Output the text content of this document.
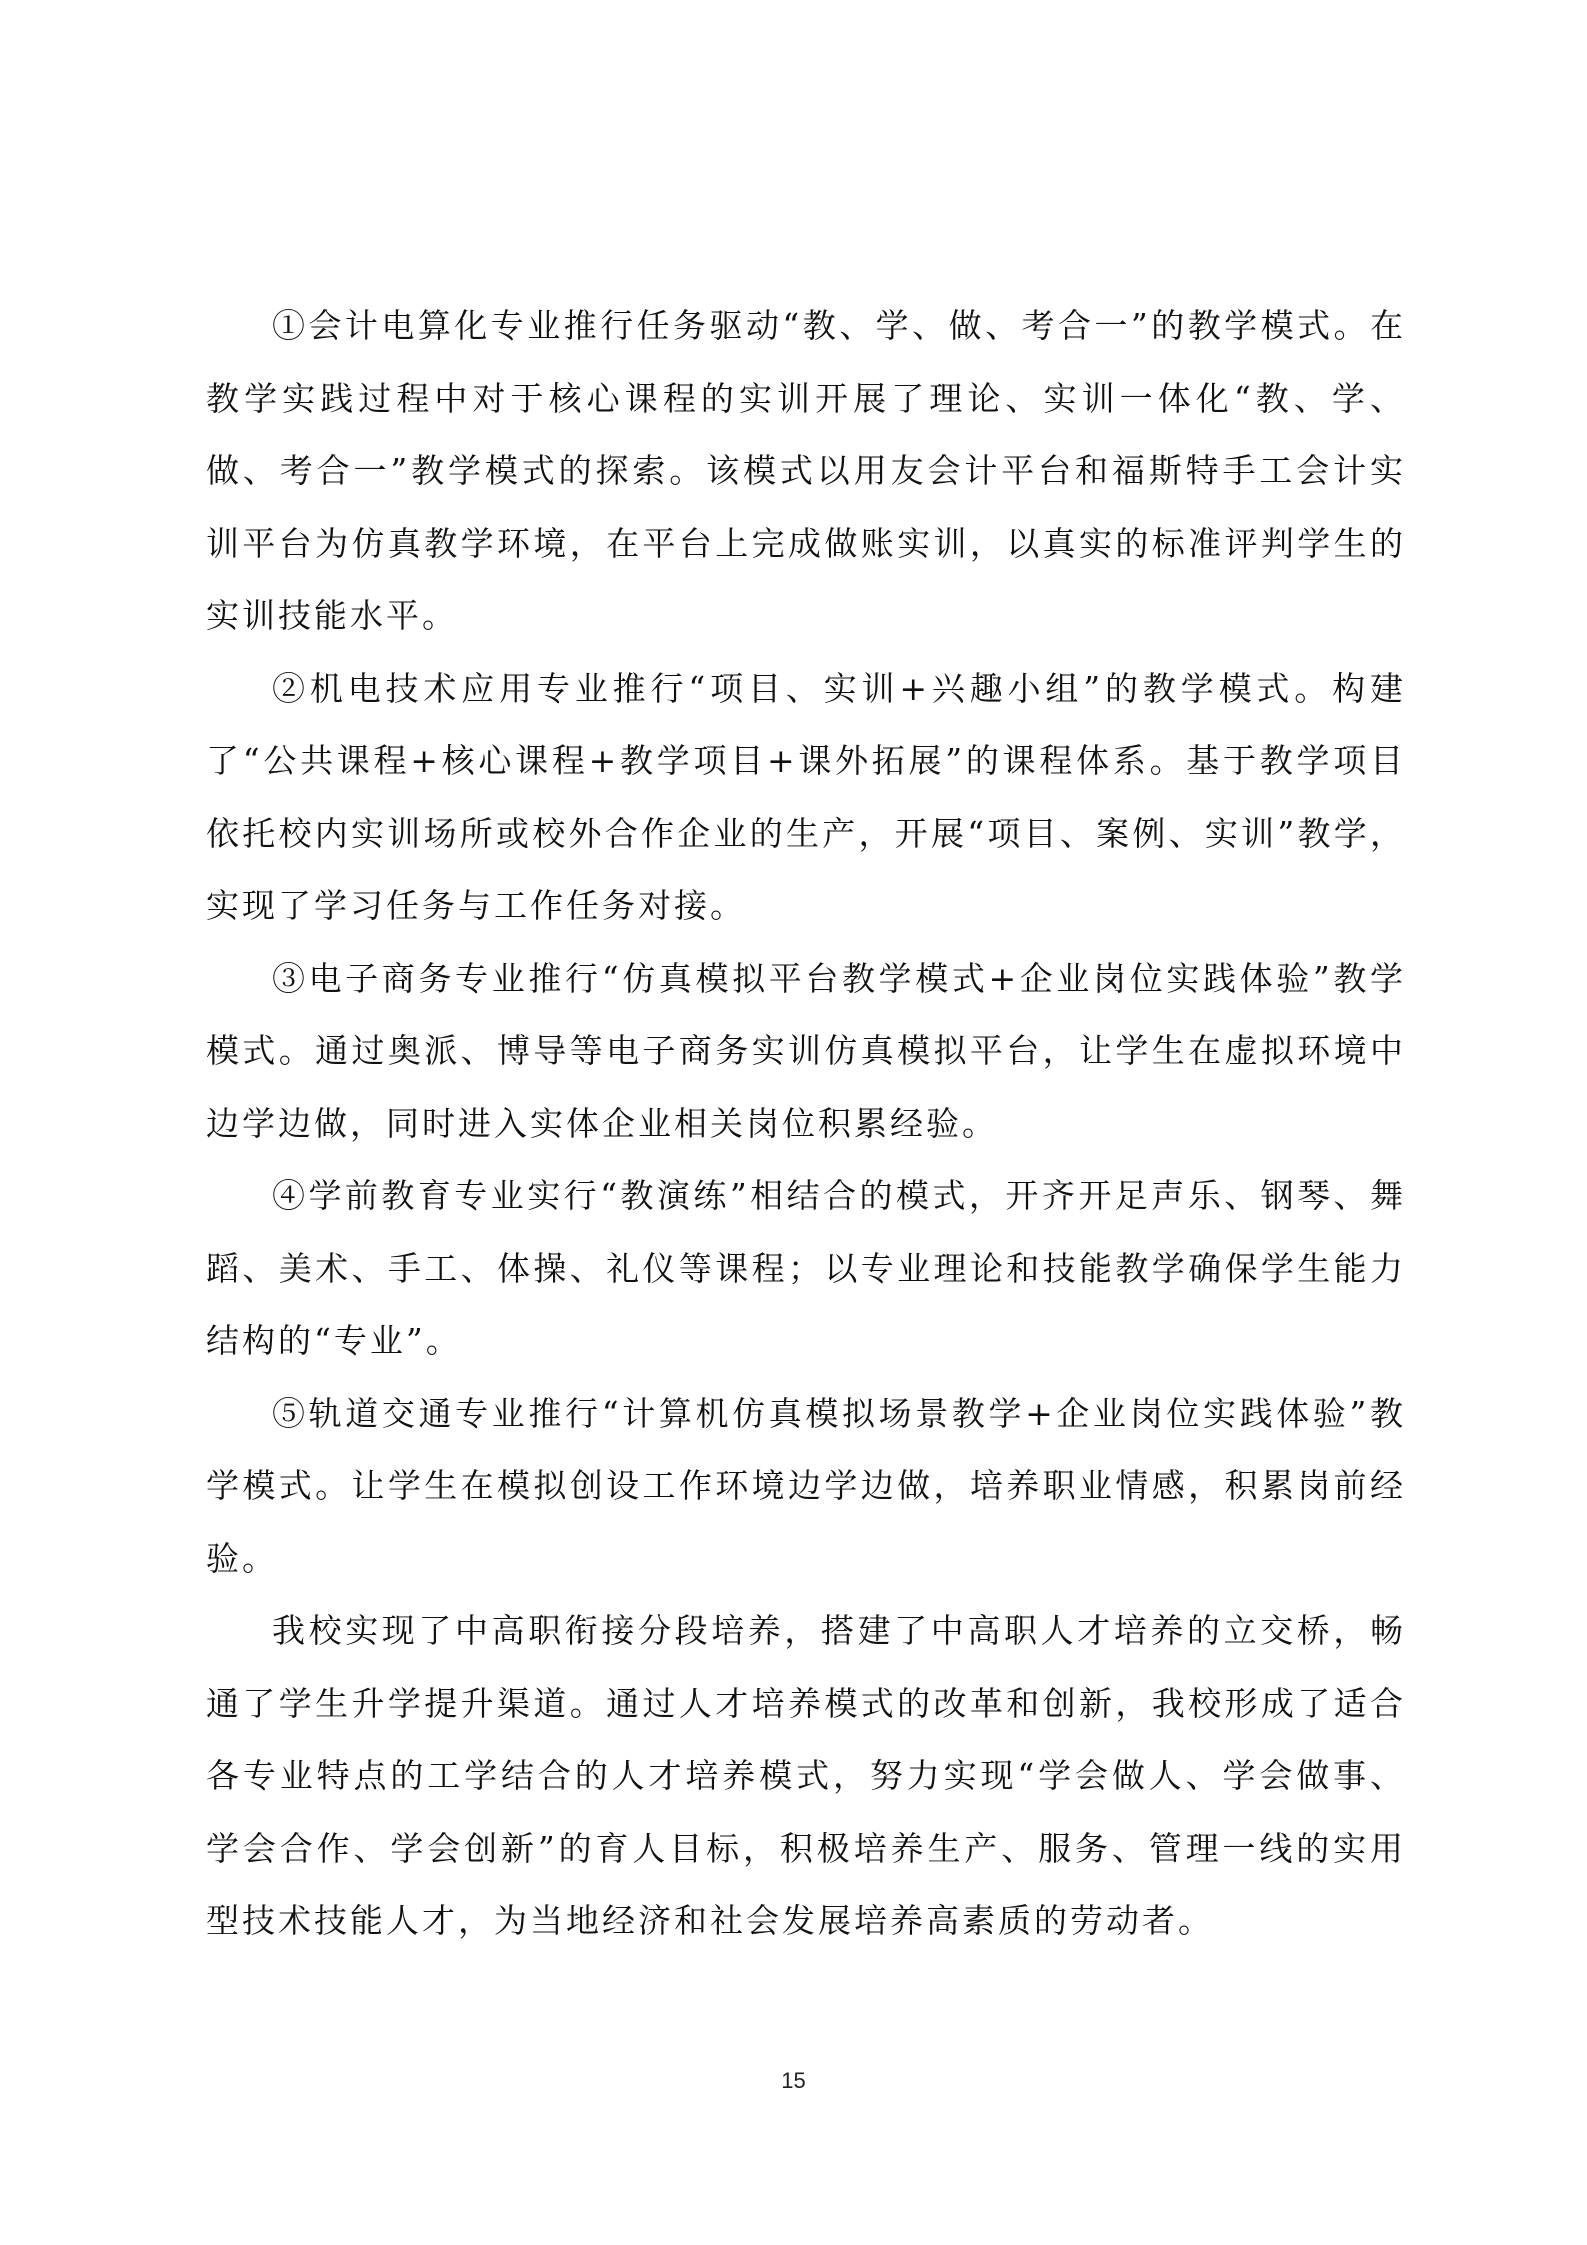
①会计电算化专业推行任务驱动“教、学、做、考合一”的教学模式。在教学实践过程中对于核心课程的实训开展了理论、实训一体化“教、学、做、考合一”教学模式的探索。该模式以用友会计平台和福斯特手工会计实训平台为仿真教学环境，在平台上完成做账实训，以真实的标准评判学生的实训技能水平。

②机电技术应用专业推行“项目、实训+兴趣小组”的教学模式。构建了“公共课程+核心课程+教学项目+课外拓展”的课程体系。基于教学项目依托校内实训场所或校外合作企业的生产，开展“项目、案例、实训”教学，实现了学习任务与工作任务对接。

③电子商务专业推行“仿真模拟平台教学模式+企业岗位实践体验”教学模式。通过奥派、博导等电子商务实训仿真模拟平台，让学生在虚拟环境中边学边做，同时进入实体企业相关岗位积累经验。

④学前教育专业实行“教演练”相结合的模式，开齐开足声乐、钢琴、舞蹈、美术、手工、体操、礼仪等课程；以专业理论和技能教学确保学生能力结构的“专业”。

⑤轨道交通专业推行“计算机仿真模拟场景教学+企业岗位实践体验”教学模式。让学生在模拟创设工作环境边学边做，培养职业情感，积累岗前经验。

我校实现了中高职衔接分段培养，搭建了中高职人才培养的立交桥，畅通了学生升学提升渠道。通过人才培养模式的改革和创新，我校形成了适合各专业特点的工学结合的人才培养模式，努力实现“学会做人、学会做事、学会合作、学会创新”的育人目标，积极培养生产、服务、管理一线的实用型技术技能人才，为当地经济和社会发展培养高素质的劳动者。

15
